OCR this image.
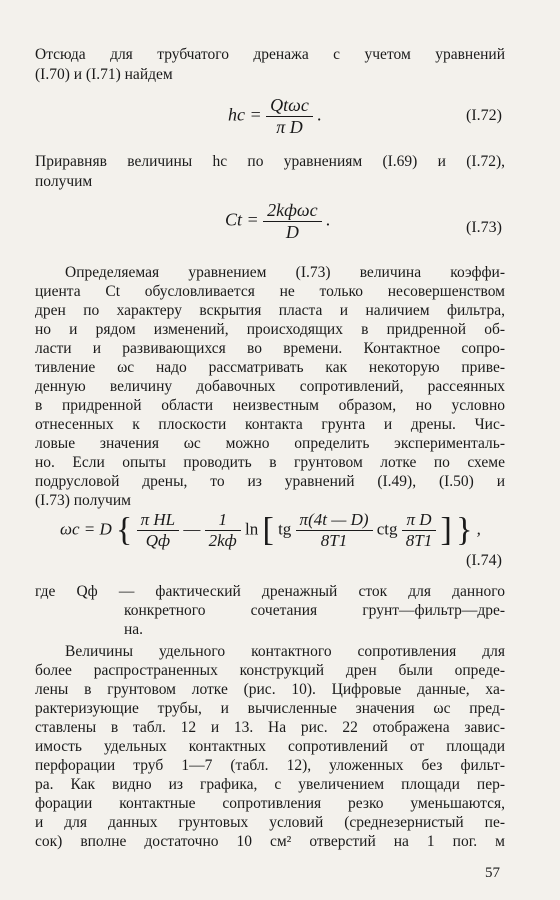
Отсюда для трубчатого дренажа с учетом уравнений
(I.70) и (I.71) найдем
hc = $\frac{\text{Qtωc}}{\text{π D}}$ .	(I.72)
Приравняв величины hc по уравнениям (I.69) и (I.72),
получим
$Ct = \frac{\text{2kфωc}}{D}$ .	(I.73)
Определяемая уравнением (I.73) величина коэффи-
циента Ct обусловливается не только несовершенством
дрен по характеру вскрытия пласта и наличием фильтра,
но и рядом изменений, происходящих в придренной об-
ласти и развивающихся во времени. Контактное сопро-
тивление ωc надо рассматривать как некоторую приве-
денную величину добавочных сопротивлений, рассеянных
в придренной области неизвестным образом, но условно
отнесенных к плоскости контакта грунта и дрены. Чис-
ловые значения ωc можно определить эксперименталь-
но. Если опыты проводить в грунтовом лотке по схеме
подрусловой дрены, то из уравнений (I.49), (I.50) и
(I.73) получим
ωc = D { $\frac{\text{π HL}}{Qф}$ — $\frac{1}{2kф}$ ln [ tg $\frac{\pi(4t — D)}{8T1}$ ctg $\frac{\text{π D}}{8T1}$ ] } ,
(I.74)
где Qф — фактический дренажный сток для данного
конкретного сочетания грунт—фильтр—дре-
на.
Величины удельного контактного сопротивления для
более распространенных конструкций дрен были опреде-
лены в грунтовом лотке (рис. 10). Цифровые данные, ха-
рактеризующие трубы, и вычисленные значения ωc пред-
ставлены в табл. 12 и 13. На рис. 22 отображена завис-
имость удельных контактных сопротивлений от площади
перфорации труб 1—7 (табл. 12), уложенных без фильт-
ра. Как видно из графика, с увеличением площади пер-
форации контактные сопротивления резко уменьшаются,
и для данных грунтовых условий (среднезернистый пе-
сок) вполне достаточно 10 см² отверстий на 1 пог. м
57
